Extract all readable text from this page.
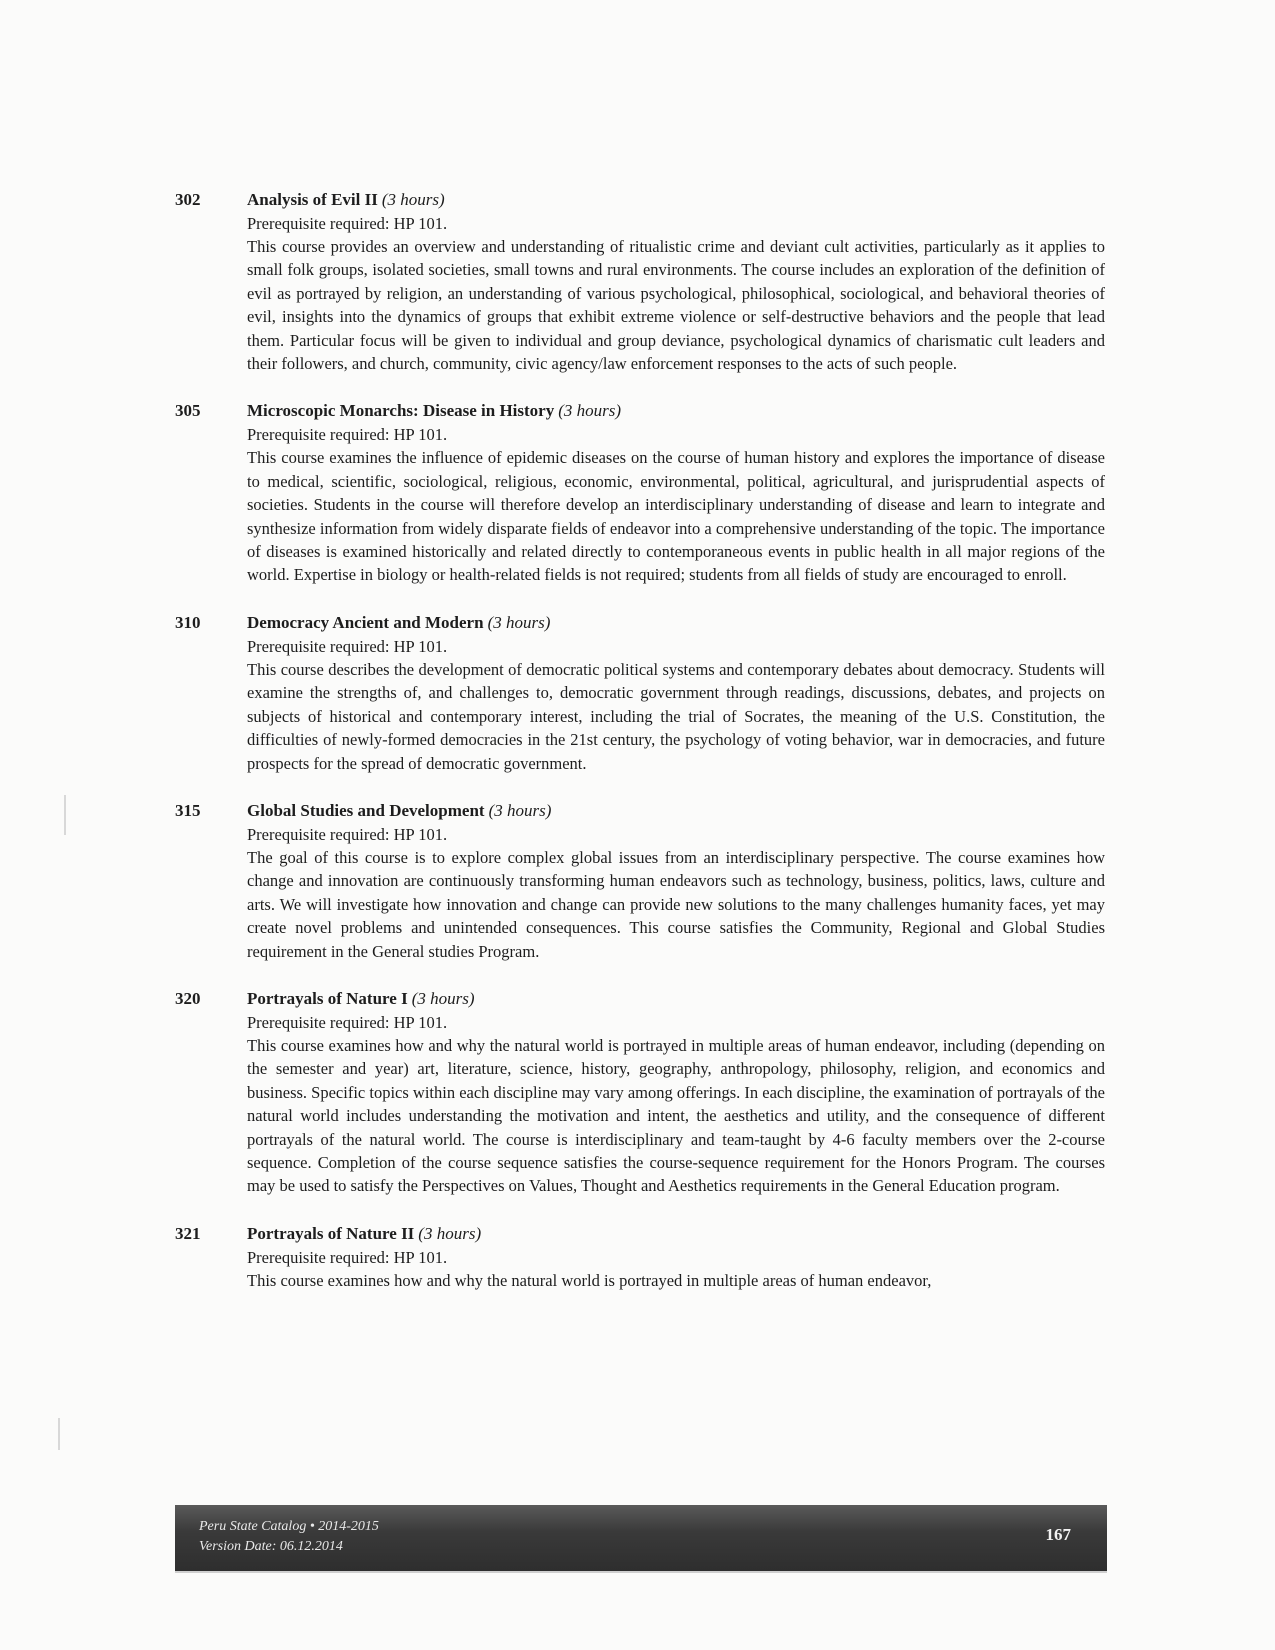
302	Analysis of Evil II (3 hours)
Prerequisite required: HP 101.

This course provides an overview and understanding of ritualistic crime and deviant cult activities, particularly as it applies to small folk groups, isolated societies, small towns and rural environments. The course includes an exploration of the definition of evil as portrayed by religion, an understanding of various psychological, philosophical, sociological, and behavioral theories of evil, insights into the dynamics of groups that exhibit extreme violence or self-destructive behaviors and the people that lead them. Particular focus will be given to individual and group deviance, psychological dynamics of charismatic cult leaders and their followers, and church, community, civic agency/law enforcement responses to the acts of such people.

305	Microscopic Monarchs: Disease in History (3 hours)
Prerequisite required: HP 101.

This course examines the influence of epidemic diseases on the course of human history and explores the importance of disease to medical, scientific, sociological, religious, economic, environmental, political, agricultural, and jurisprudential aspects of societies. Students in the course will therefore develop an interdisciplinary understanding of disease and learn to integrate and synthesize information from widely disparate fields of endeavor into a comprehensive understanding of the topic. The importance of diseases is examined historically and related directly to contemporaneous events in public health in all major regions of the world. Expertise in biology or health-related fields is not required; students from all fields of study are encouraged to enroll.

310	Democracy Ancient and Modern (3 hours)
Prerequisite required: HP 101.

This course describes the development of democratic political systems and contemporary debates about democracy. Students will examine the strengths of, and challenges to, democratic government through readings, discussions, debates, and projects on subjects of historical and contemporary interest, including the trial of Socrates, the meaning of the U.S. Constitution, the difficulties of newly-formed democracies in the 21st century, the psychology of voting behavior, war in democracies, and future prospects for the spread of democratic government.

315	Global Studies and Development (3 hours)
Prerequisite required: HP 101.

The goal of this course is to explore complex global issues from an interdisciplinary perspective. The course examines how change and innovation are continuously transforming human endeavors such as technology, business, politics, laws, culture and arts. We will investigate how innovation and change can provide new solutions to the many challenges humanity faces, yet may create novel problems and unintended consequences. This course satisfies the Community, Regional and Global Studies requirement in the General studies Program.

320	Portrayals of Nature I (3 hours)
Prerequisite required: HP 101.

This course examines how and why the natural world is portrayed in multiple areas of human endeavor, including (depending on the semester and year) art, literature, science, history, geography, anthropology, philosophy, religion, and economics and business. Specific topics within each discipline may vary among offerings. In each discipline, the examination of portrayals of the natural world includes understanding the motivation and intent, the aesthetics and utility, and the consequence of different portrayals of the natural world. The course is interdisciplinary and team-taught by 4-6 faculty members over the 2-course sequence. Completion of the course sequence satisfies the course-sequence requirement for the Honors Program. The courses may be used to satisfy the Perspectives on Values, Thought and Aesthetics requirements in the General Education program.

321	Portrayals of Nature II (3 hours)
Prerequisite required: HP 101.

This course examines how and why the natural world is portrayed in multiple areas of human endeavor,

Peru State Catalog • 2014-2015
Version Date: 06.12.2014
167
